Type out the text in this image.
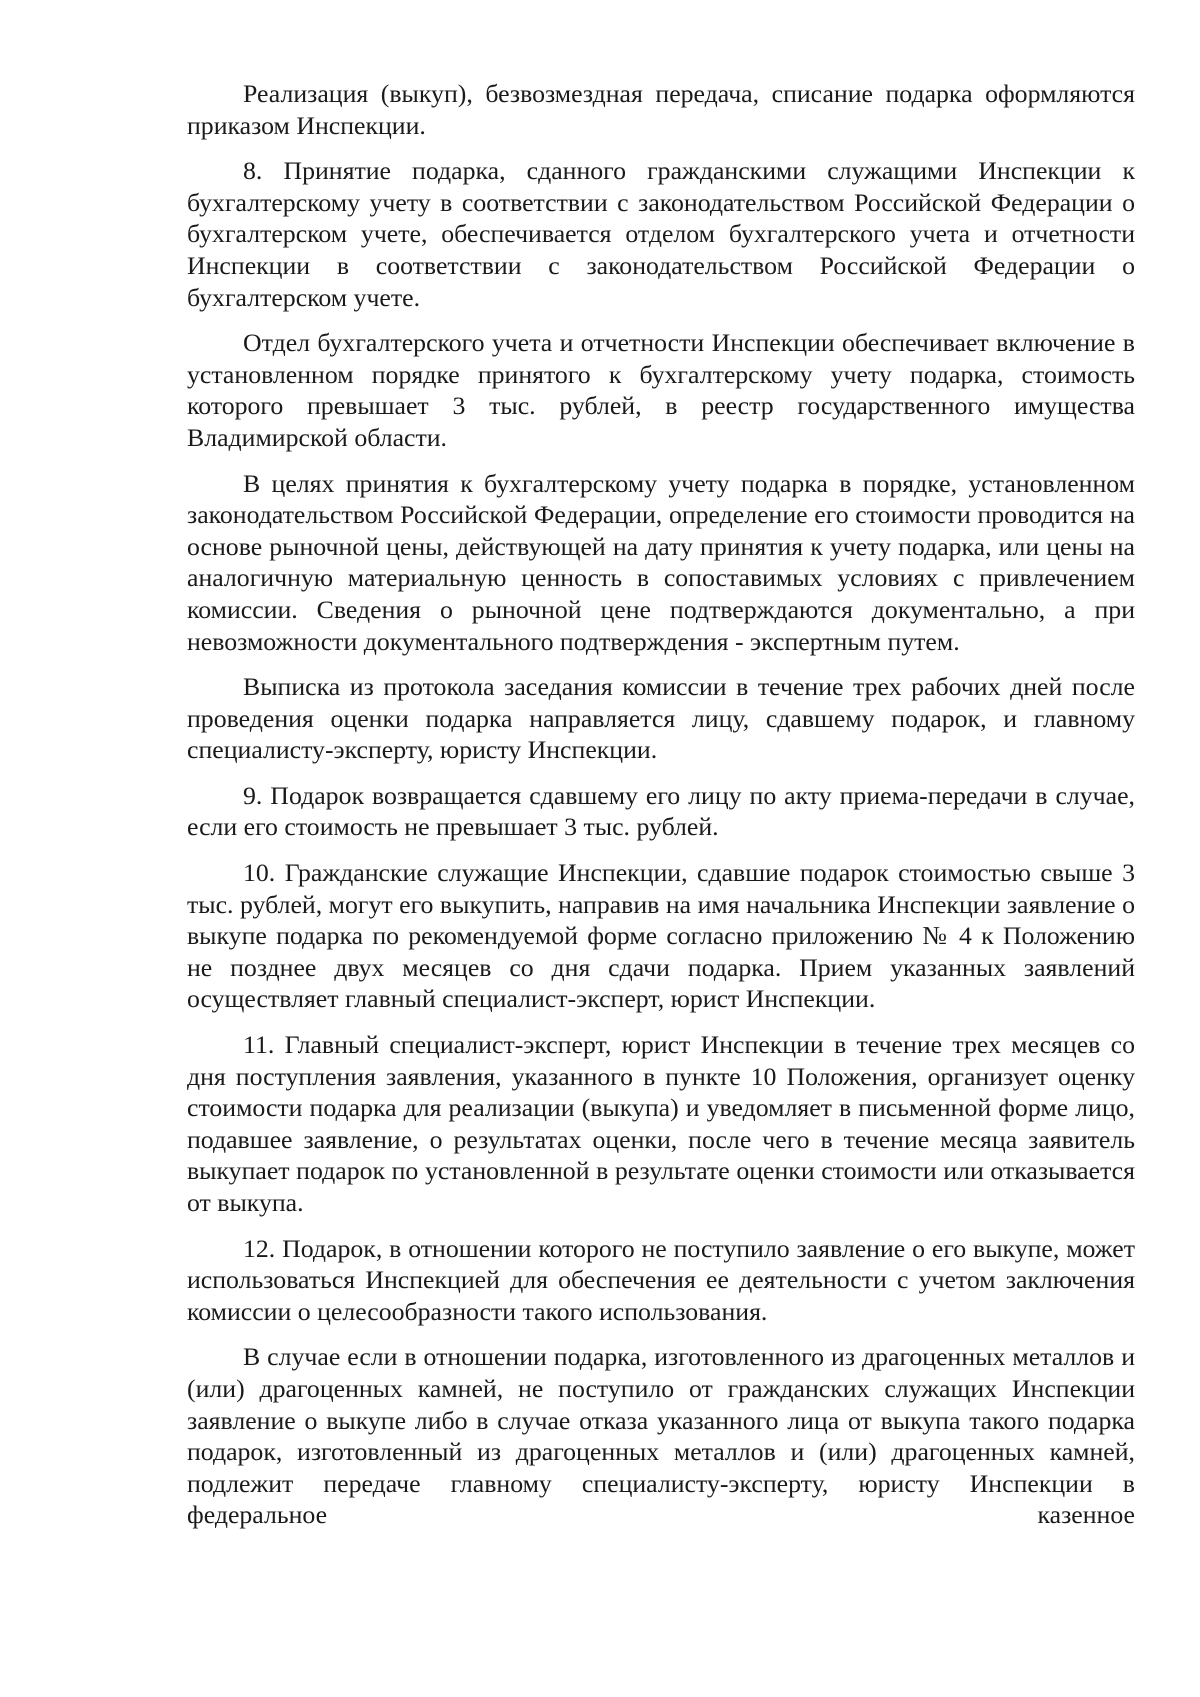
Реализация (выкуп), безвозмездная передача, списание подарка оформляются приказом Инспекции.

8. Принятие подарка, сданного гражданскими служащими Инспекции к бухгалтерскому учету в соответствии с законодательством Российской Федерации о бухгалтерском учете, обеспечивается отделом бухгалтерского учета и отчетности Инспекции в соответствии с законодательством Российской Федерации о бухгалтерском учете.

Отдел бухгалтерского учета и отчетности Инспекции обеспечивает включение в установленном порядке принятого к бухгалтерскому учету подарка, стоимость которого превышает 3 тыс. рублей, в реестр государственного имущества Владимирской области.

В целях принятия к бухгалтерскому учету подарка в порядке, установленном законодательством Российской Федерации, определение его стоимости проводится на основе рыночной цены, действующей на дату принятия к учету подарка, или цены на аналогичную материальную ценность в сопоставимых условиях с привлечением комиссии. Сведения о рыночной цене подтверждаются документально, а при невозможности документального подтверждения - экспертным путем.

Выписка из протокола заседания комиссии в течение трех рабочих дней после проведения оценки подарка направляется лицу, сдавшему подарок, и главному специалисту-эксперту, юристу Инспекции.

9. Подарок возвращается сдавшему его лицу по акту приема-передачи в случае, если его стоимость не превышает 3 тыс. рублей.

10. Гражданские служащие Инспекции, сдавшие подарок стоимостью свыше 3 тыс. рублей, могут его выкупить, направив на имя начальника Инспекции заявление о выкупе подарка по рекомендуемой форме согласно приложению № 4 к Положению не позднее двух месяцев со дня сдачи подарка. Прием указанных заявлений осуществляет главный специалист-эксперт, юрист Инспекции.

11. Главный специалист-эксперт, юрист Инспекции в течение трех месяцев со дня поступления заявления, указанного в пункте 10 Положения, организует оценку стоимости подарка для реализации (выкупа) и уведомляет в письменной форме лицо, подавшее заявление, о результатах оценки, после чего в течение месяца заявитель выкупает подарок по установленной в результате оценки стоимости или отказывается от выкупа.

12. Подарок, в отношении которого не поступило заявление о его выкупе, может использоваться Инспекцией для обеспечения ее деятельности с учетом заключения комиссии о целесообразности такого использования.

В случае если в отношении подарка, изготовленного из драгоценных металлов и (или) драгоценных камней, не поступило от гражданских служащих Инспекции заявление о выкупе либо в случае отказа указанного лица от выкупа такого подарка подарок, изготовленный из драгоценных металлов и (или) драгоценных камней, подлежит передаче главному специалисту-эксперту, юристу Инспекции в федеральное казенное
